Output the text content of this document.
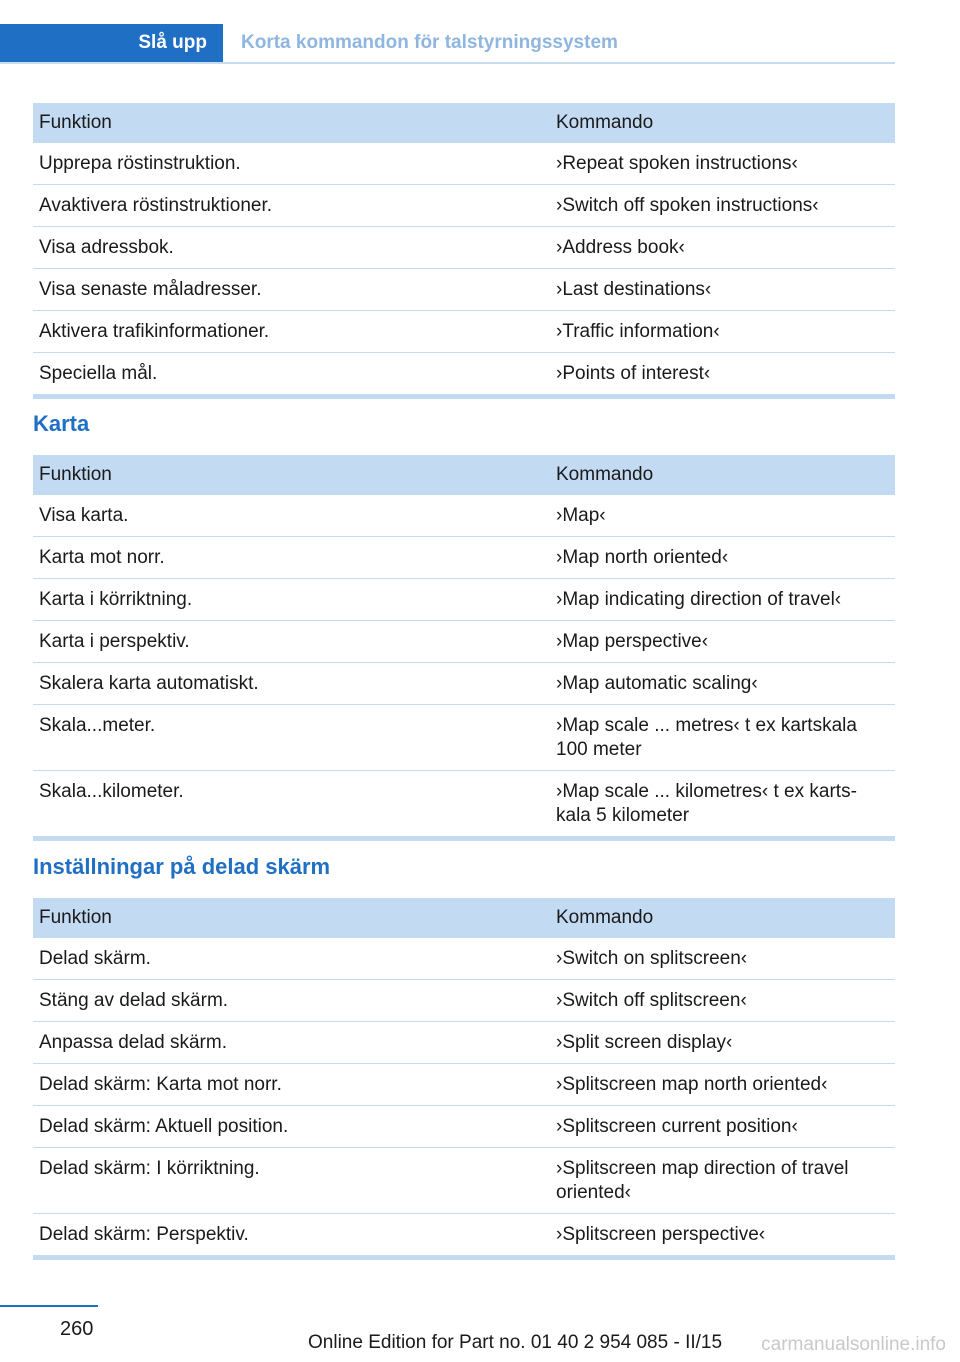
Slå upp	Korta kommandon för talstyrningssystem
Funktion	Kommando
Upprepa röstinstruktion.	›Repeat spoken instructions‹
Avaktivera röstinstruktioner.	›Switch off spoken instructions‹
Visa adressbok.	›Address book‹
Visa senaste måladresser.	›Last destinations‹
Aktivera trafikinformationer.	›Traffic information‹
Speciella mål.	›Points of interest‹
Karta
Funktion	Kommando
Visa karta.	›Map‹
Karta mot norr.	›Map north oriented‹
Karta i körriktning.	›Map indicating direction of travel‹
Karta i perspektiv.	›Map perspective‹
Skalera karta automatiskt.	›Map automatic scaling‹
Skala...meter.	›Map scale ... metres‹ t ex kartskala 100 meter
Skala...kilometer.	›Map scale ... kilometres‹ t ex karts‐kala 5 kilometer
Inställningar på delad skärm
Funktion	Kommando
Delad skärm.	›Switch on splitscreen‹
Stäng av delad skärm.	›Switch off splitscreen‹
Anpassa delad skärm.	›Split screen display‹
Delad skärm: Karta mot norr.	›Splitscreen map north oriented‹
Delad skärm: Aktuell position.	›Splitscreen current position‹
Delad skärm: I körriktning.	›Splitscreen map direction of travel oriented‹
Delad skärm: Perspektiv.	›Splitscreen perspective‹
260
Online Edition for Part no. 01 40 2 954 085 - II/15 carmanualsonline.info
